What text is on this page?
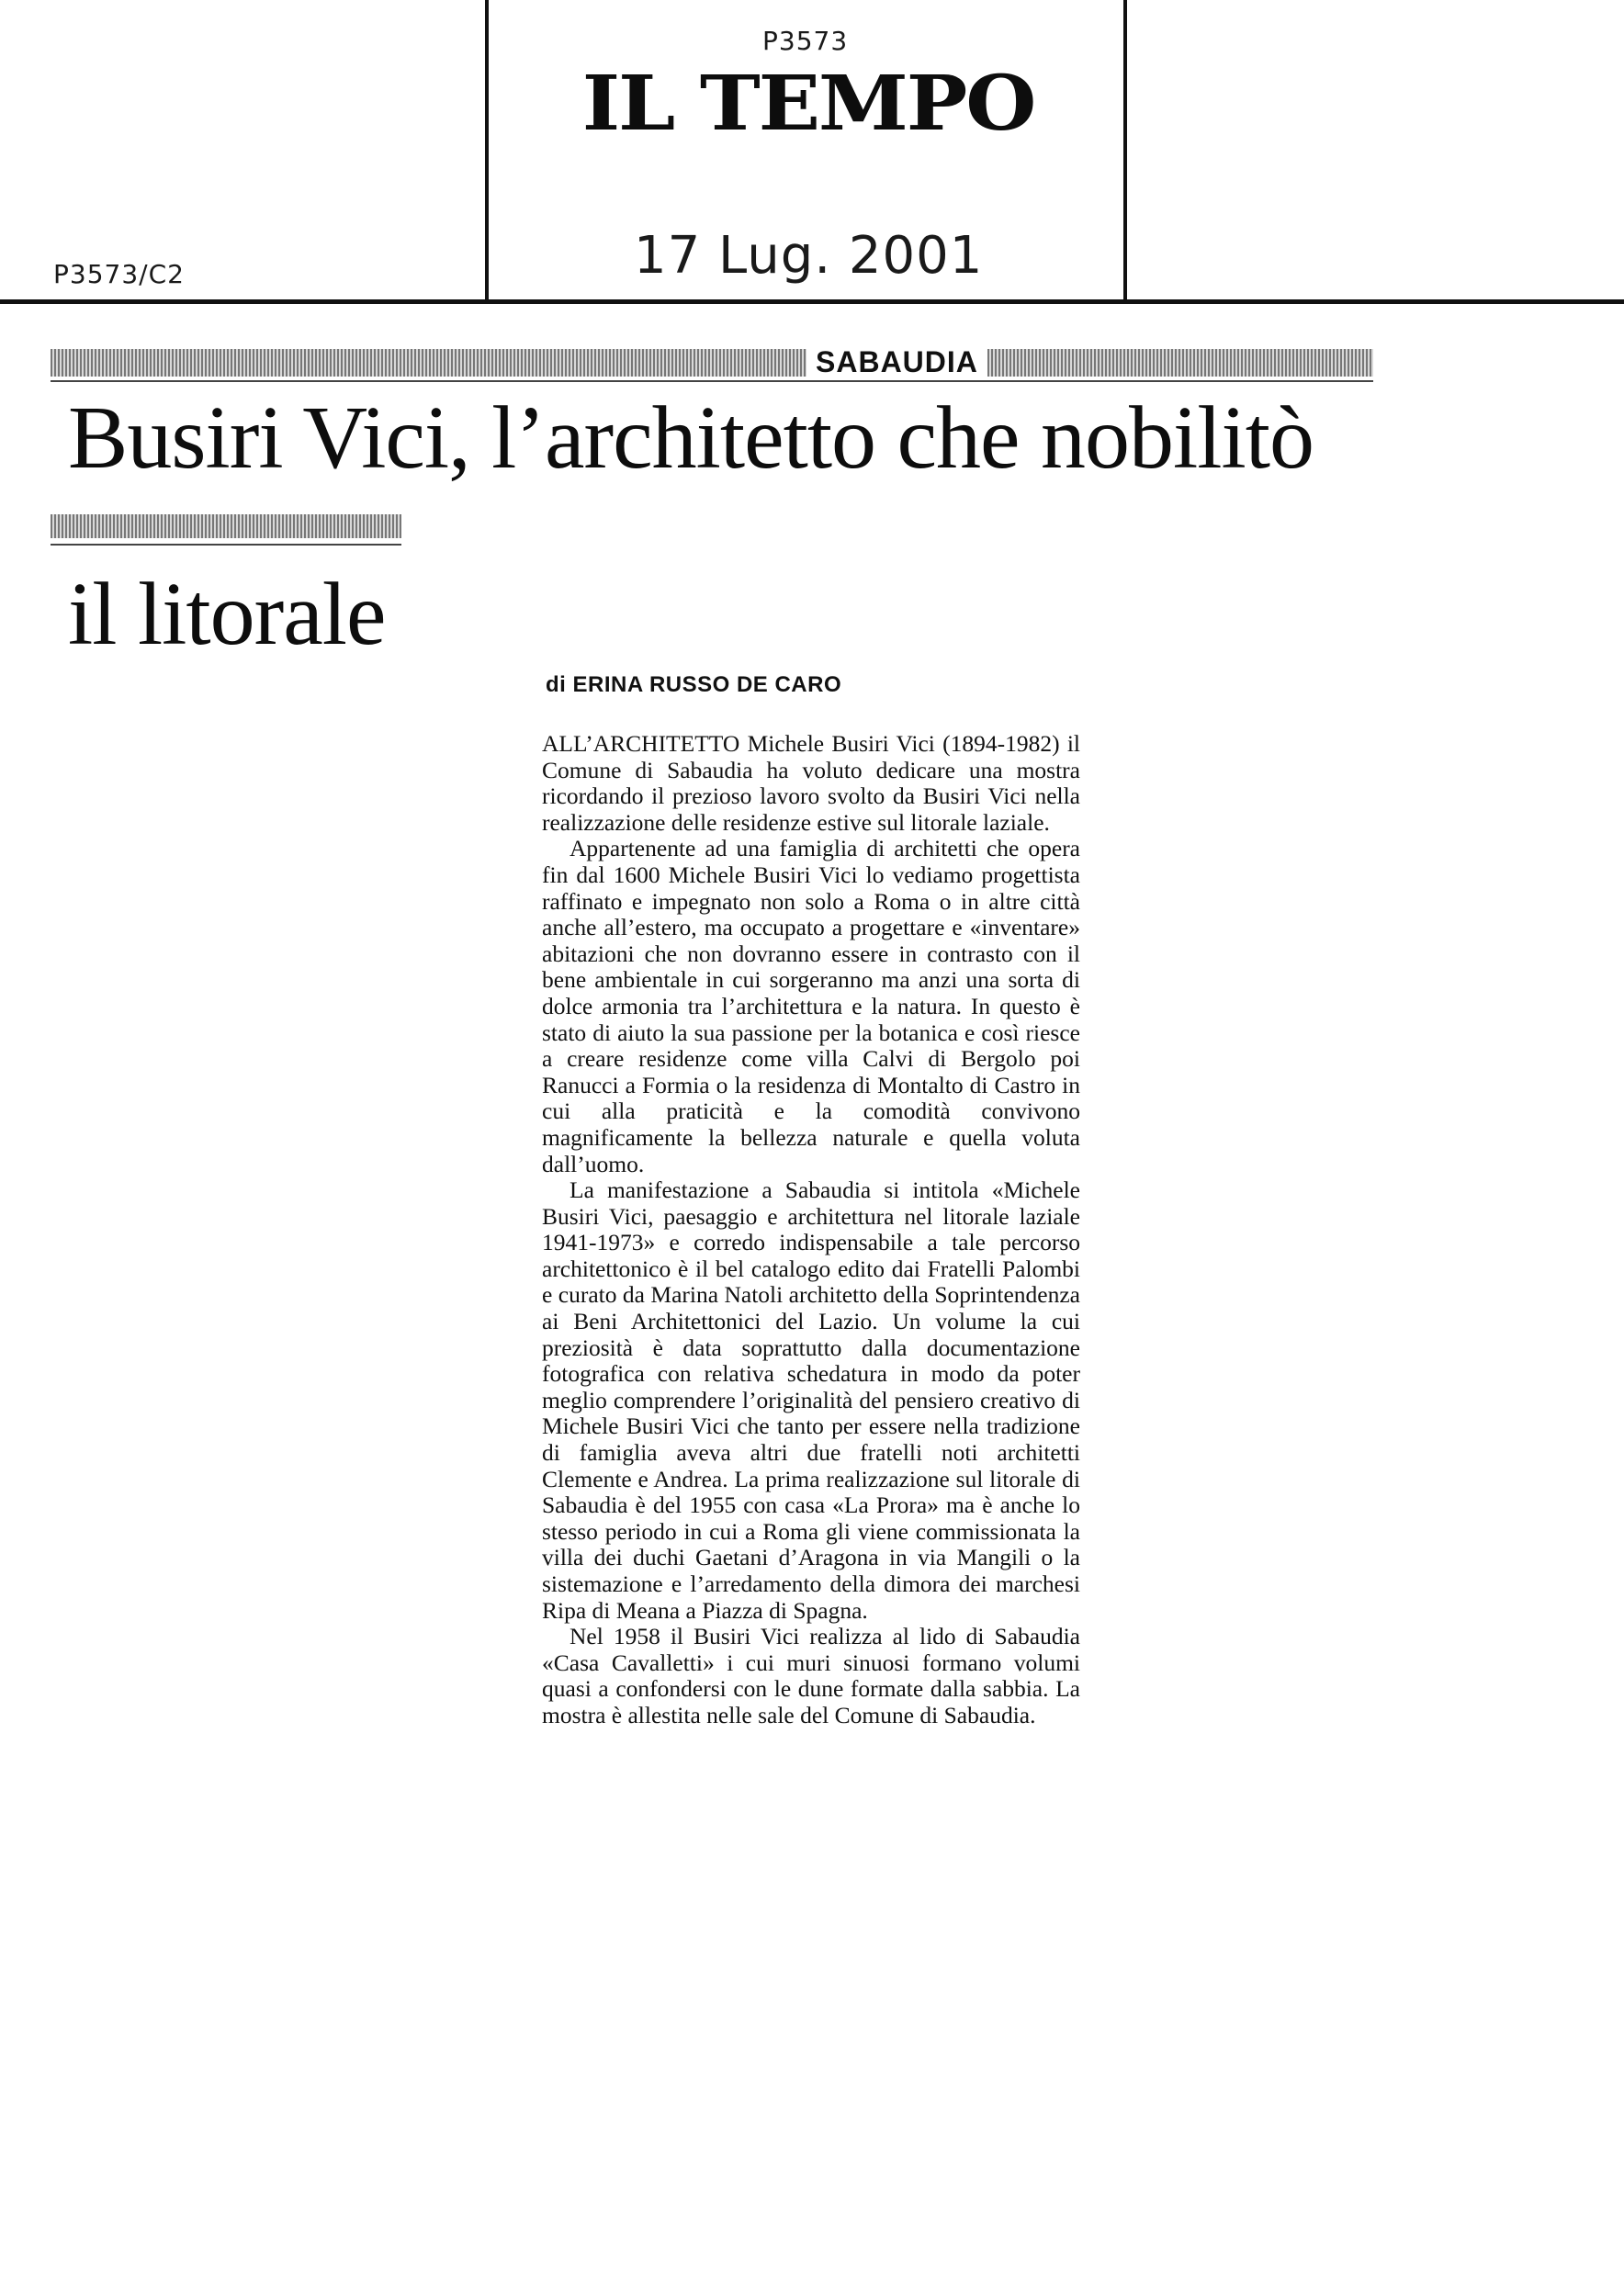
P3573
IL TEMPO
P3573/C2	17 Lug. 2001
SABAUDIA
Busiri Vici, l’architetto che nobilitò
il litorale
di ERINA RUSSO DE CARO

ALL’ARCHITETTO Michele Busiri Vici (1894-1982) il Comune di Sabaudia ha voluto dedicare una mostra ricordando il prezioso lavoro svolto da Busiri Vici nella realizzazione delle residenze estive sul litorale laziale.

Appartenente ad una famiglia di architetti che opera fin dal 1600 Michele Busiri Vici lo vediamo progettista raffinato e impegnato non solo a Roma o in altre città anche all’estero, ma occupato a progettare e «inventare» abitazioni che non dovranno essere in contrasto con il bene ambientale in cui sorgeranno ma anzi una sorta di dolce armonia tra l’architettura e la natura. In questo è stato di aiuto la sua passione per la botanica e così riesce a creare residenze come villa Calvi di Bergolo poi Ranucci a Formia o la residenza di Montalto di Castro in cui alla praticità e la comodità convivono magnificamente la bellezza naturale e quella voluta dall’uomo.

La manifestazione a Sabaudia si intitola «Michele Busiri Vici, paesaggio e architettura nel litorale laziale 1941-1973» e corredo indispensabile a tale percorso architettonico è il bel catalogo edito dai Fratelli Palombi e curato da Marina Natoli architetto della Soprintendenza ai Beni Architettonici del Lazio. Un volume la cui preziosità è data soprattutto dalla documentazione fotografica con relativa schedatura in modo da poter meglio comprendere l’originalità del pensiero creativo di Michele Busiri Vici che tanto per essere nella tradizione di famiglia aveva altri due fratelli noti architetti Clemente e Andrea. La prima realizzazione sul litorale di Sabaudia è del 1955 con casa «La Prora» ma è anche lo stesso periodo in cui a Roma gli viene commissionata la villa dei duchi Gaetani d’Aragona in via Mangili o la sistemazione e l’arredamento della dimora dei marchesi Ripa di Meana a Piazza di Spagna.

Nel 1958 il Busiri Vici realizza al lido di Sabaudia «Casa Cavalletti» i cui muri sinuosi formano volumi quasi a confondersi con le dune formate dalla sabbia. La mostra è allestita nelle sale del Comune di Sabaudia.
